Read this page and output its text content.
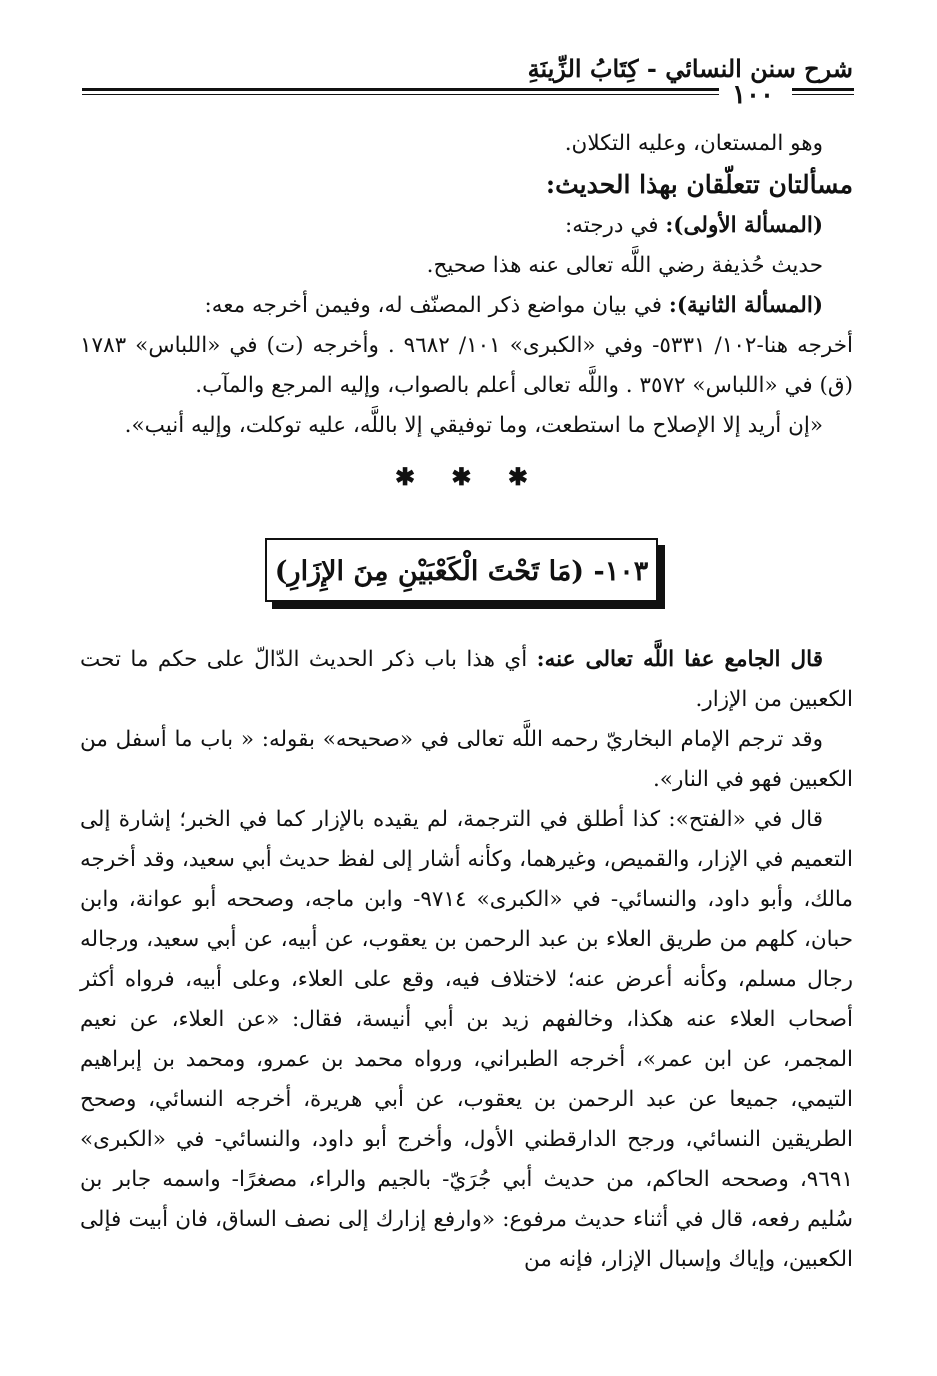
شرح سنن النسائي - كِتَابُ الزِّينَةِ
١٠٠

وهو المستعان، وعليه التكلان.

مسألتان تتعلّقان بهذا الحديث:

(المسألة الأولى): في درجته:

حديث حُذيفة رضي اللَّه تعالى عنه هذا صحيح.

(المسألة الثانية): في بيان مواضع ذكر المصنّف له، وفيمن أخرجه معه:

أخرجه هنا-١٠٢/ ٥٣٣١- وفي «الكبرى» ١٠١/ ٩٦٨٢ . وأخرجه (ت) في «اللباس» ١٧٨٣ (ق) في «اللباس» ٣٥٧٢ . واللَّه تعالى أعلم بالصواب، وإليه المرجع والمآب.

«إن أريد إلا الإصلاح ما استطعت، وما توفيقي إلا باللَّه، عليه توكلت، وإليه أنيب».

✱ ✱ ✱
١٠٣- (مَا تَحْتَ الْكَعْبَيْنِ مِنَ الإِزَارِ)

قال الجامع عفا اللَّه تعالى عنه: أي هذا باب ذكر الحديث الدّالّ على حكم ما تحت الكعبين من الإزار.

وقد ترجم الإمام البخاريّ رحمه اللَّه تعالى في «صحيحه» بقوله: « باب ما أسفل من الكعبين فهو في النار».

قال في «الفتح»: كذا أطلق في الترجمة، لم يقيده بالإزار كما في الخبر؛ إشارة إلى التعميم في الإزار، والقميص، وغيرهما، وكأنه أشار إلى لفظ حديث أبي سعيد، وقد أخرجه مالك، وأبو داود، والنسائي- في «الكبرى» ٩٧١٤- وابن ماجه، وصححه أبو عوانة، وابن حبان، كلهم من طريق العلاء بن عبد الرحمن بن يعقوب، عن أبيه، عن أبي سعيد، ورجاله رجال مسلم، وكأنه أعرض عنه؛ لاختلاف فيه، وقع على العلاء، وعلى أبيه، فرواه أكثر أصحاب العلاء عنه هكذا، وخالفهم زيد بن أبي أنيسة، فقال: «عن العلاء، عن نعيم المجمر، عن ابن عمر»، أخرجه الطبراني، ورواه محمد بن عمرو، ومحمد بن إبراهيم التيمي، جميعا عن عبد الرحمن بن يعقوب، عن أبي هريرة، أخرجه النسائي، وصحح الطريقين النسائي، ورجح الدارقطني الأول، وأخرج أبو داود، والنسائي- في «الكبرى» ٩٦٩١، وصححه الحاكم، من حديث أبي جُرَيّ- بالجيم والراء، مصغرًا- واسمه جابر بن سُليم رفعه، قال في أثناء حديث مرفوع: «وارفع إزارك إلى نصف الساق، فان أبيت فإلى الكعبين، وإياك وإسبال الإزار، فإنه من
